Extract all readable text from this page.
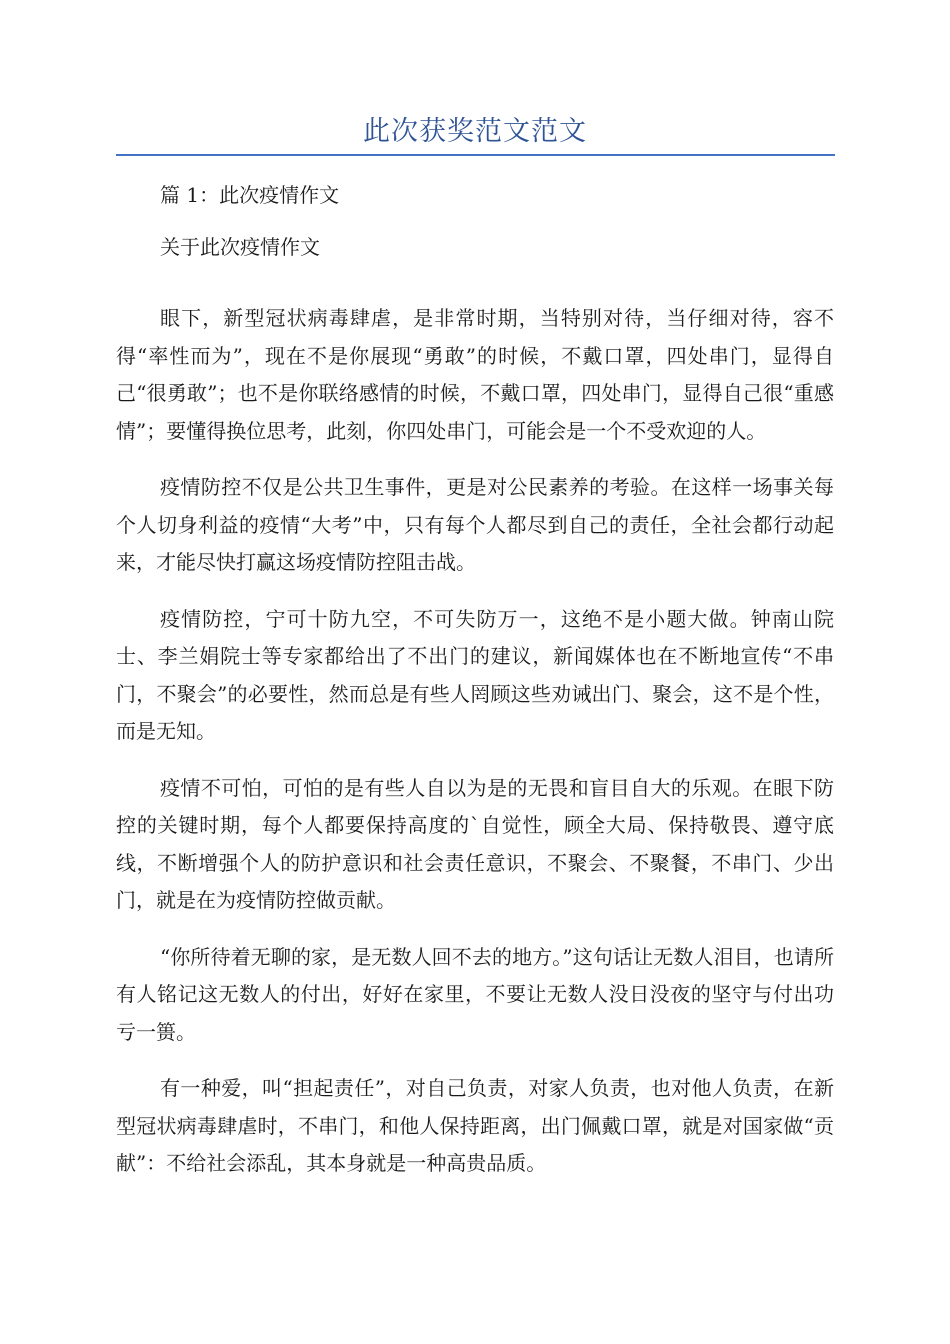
此次获奖范文范文

篇 1：此次疫情作文

关于此次疫情作文

眼下，新型冠状病毒肆虐，是非常时期，当特别对待，当仔细对待，容不得“率性而为”，现在不是你展现“勇敢”的时候，不戴口罩，四处串门，显得自己“很勇敢”；也不是你联络感情的时候，不戴口罩，四处串门，显得自己很“重感情”；要懂得换位思考，此刻，你四处串门，可能会是一个不受欢迎的人。

疫情防控不仅是公共卫生事件，更是对公民素养的考验。在这样一场事关每个人切身利益的疫情“大考”中，只有每个人都尽到自己的责任，全社会都行动起来，才能尽快打赢这场疫情防控阻击战。

疫情防控，宁可十防九空，不可失防万一，这绝不是小题大做。钟南山院士、李兰娟院士等专家都给出了不出门的建议，新闻媒体也在不断地宣传“不串门，不聚会”的必要性，然而总是有些人罔顾这些劝诫出门、聚会，这不是个性，而是无知。

疫情不可怕，可怕的是有些人自以为是的无畏和盲目自大的乐观。在眼下防控的关键时期，每个人都要保持高度的`自觉性，顾全大局、保持敬畏、遵守底线，不断增强个人的防护意识和社会责任意识，不聚会、不聚餐，不串门、少出门，就是在为疫情防控做贡献。

“你所待着无聊的家，是无数人回不去的地方。”这句话让无数人泪目，也请所有人铭记这无数人的付出，好好在家里，不要让无数人没日没夜的坚守与付出功亏一篑。

有一种爱，叫“担起责任”，对自己负责，对家人负责，也对他人负责，在新型冠状病毒肆虐时，不串门，和他人保持距离，出门佩戴口罩，就是对国家做“贡献”：不给社会添乱，其本身就是一种高贵品质。
